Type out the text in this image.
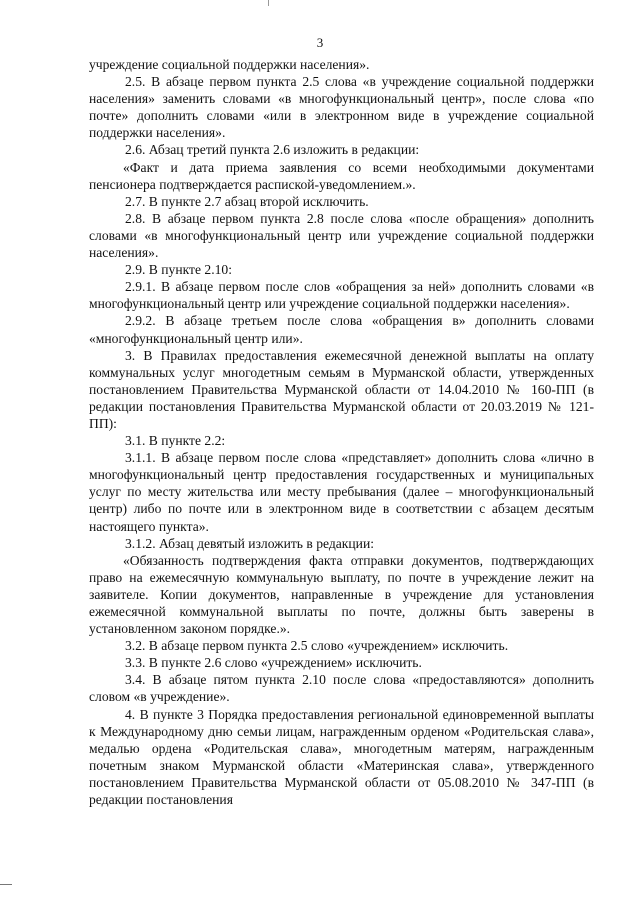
3

учреждение социальной поддержки населения».

2.5. В абзаце первом пункта 2.5 слова «в учреждение социальной поддержки населения» заменить словами «в многофункциональный центр», после слова «по почте» дополнить словами «или в электронном виде в учреждение социальной поддержки населения».

2.6. Абзац третий пункта 2.6 изложить в редакции:

«Факт и дата приема заявления со всеми необходимыми документами пенсионера подтверждается распиской-уведомлением.».

2.7. В пункте 2.7 абзац второй исключить.

2.8. В абзаце первом пункта 2.8 после слова «после обращения» дополнить словами «в многофункциональный центр или учреждение социальной поддержки населения».

2.9. В пункте 2.10:

2.9.1. В абзаце первом после слов «обращения за ней» дополнить словами «в многофункциональный центр или учреждение социальной поддержки населения».

2.9.2. В абзаце третьем после слова «обращения в» дополнить словами «многофункциональный центр или».

3. В Правилах предоставления ежемесячной денежной выплаты на оплату коммунальных услуг многодетным семьям в Мурманской области, утвержденных постановлением Правительства Мурманской области от 14.04.2010 № 160-ПП (в редакции постановления Правительства Мурманской области от 20.03.2019 № 121-ПП):

3.1. В пункте 2.2:

3.1.1. В абзаце первом после слова «представляет» дополнить слова «лично в многофункциональный центр предоставления государственных и муниципальных услуг по месту жительства или месту пребывания (далее – многофункциональный центр) либо по почте или в электронном виде в соответствии с абзацем десятым настоящего пункта».

3.1.2. Абзац девятый изложить в редакции:

«Обязанность подтверждения факта отправки документов, подтверждающих право на ежемесячную коммунальную выплату, по почте в учреждение лежит на заявителе. Копии документов, направленные в учреждение для установления ежемесячной коммунальной выплаты по почте, должны быть заверены в установленном законом порядке.».

3.2. В абзаце первом пункта 2.5 слово «учреждением» исключить.

3.3. В пункте 2.6 слово «учреждением» исключить.

3.4. В абзаце пятом пункта 2.10 после слова «предоставляются» дополнить словом «в учреждение».

4. В пункте 3 Порядка предоставления региональной единовременной выплаты к Международному дню семьи лицам, награжденным орденом «Родительская слава», медалью ордена «Родительская слава», многодетным матерям, награжденным почетным знаком Мурманской области «Материнская слава», утвержденного постановлением Правительства Мурманской области от 05.08.2010 № 347-ПП (в редакции постановления
